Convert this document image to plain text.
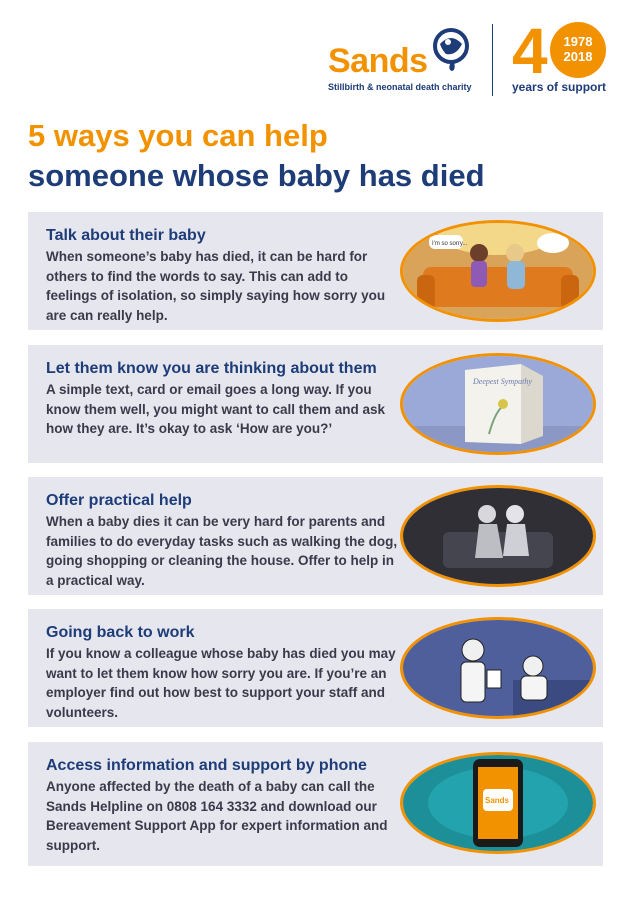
Sands
Stillbirth & neonatal death charity 4	1978
2018
years of support
5 ways you can help
someone whose baby has died
Talk about their baby
When someone’s baby has died, it can be hard for others to find the words to say. This can add to feelings of isolation, so simply saying how sorry you are can really help.
I'm so sorry...
Let them know you are thinking about them
A simple text, card or email goes a long way. If you know them well, you might want to call them and ask how they are. It’s okay to ask ‘How are you?’
Deepest Sympathy
Offer practical help
When a baby dies it can be very hard for parents and families to do everyday tasks such as walking the dog, going shopping or cleaning the house. Offer to help in a practical way.
Going back to work
If you know a colleague whose baby has died you may want to let them know how sorry you are. If you’re an employer find out how best to support your staff and volunteers.
Access information and support by phone
Anyone affected by the death of a baby can call the Sands Helpline on 0808 164 3332 and download our Bereavement Support App for expert information and support.
Sands
